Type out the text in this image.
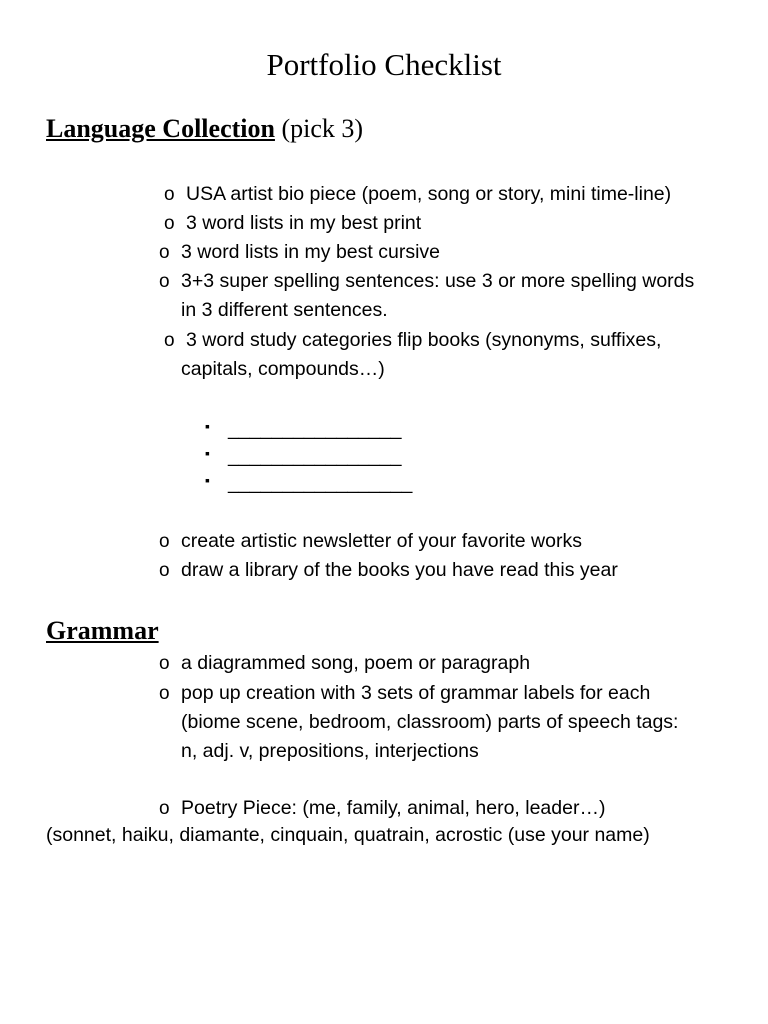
Portfolio Checklist
Language Collection (pick 3)
o USA artist bio piece (poem, song or story, mini time-line)
o 3 word lists in my best print
o 3 word lists in my best cursive
o 3+3 super spelling sentences: use 3 or more spelling words
in 3 different sentences.
o 3 word study categories flip books (synonyms, suffixes,
capitals, compounds…)
▪ ________________
▪ ________________
▪ _________________
o create artistic newsletter of your favorite works
o draw a library of the books you have read this year
Grammar
o a diagrammed song, poem or paragraph
o pop up creation with 3 sets of grammar labels for each
(biome scene, bedroom, classroom) parts of speech tags:
n, adj. v, prepositions, interjections
o Poetry Piece: (me, family, animal, hero, leader…)
(sonnet, haiku, diamante, cinquain, quatrain, acrostic (use your name)
